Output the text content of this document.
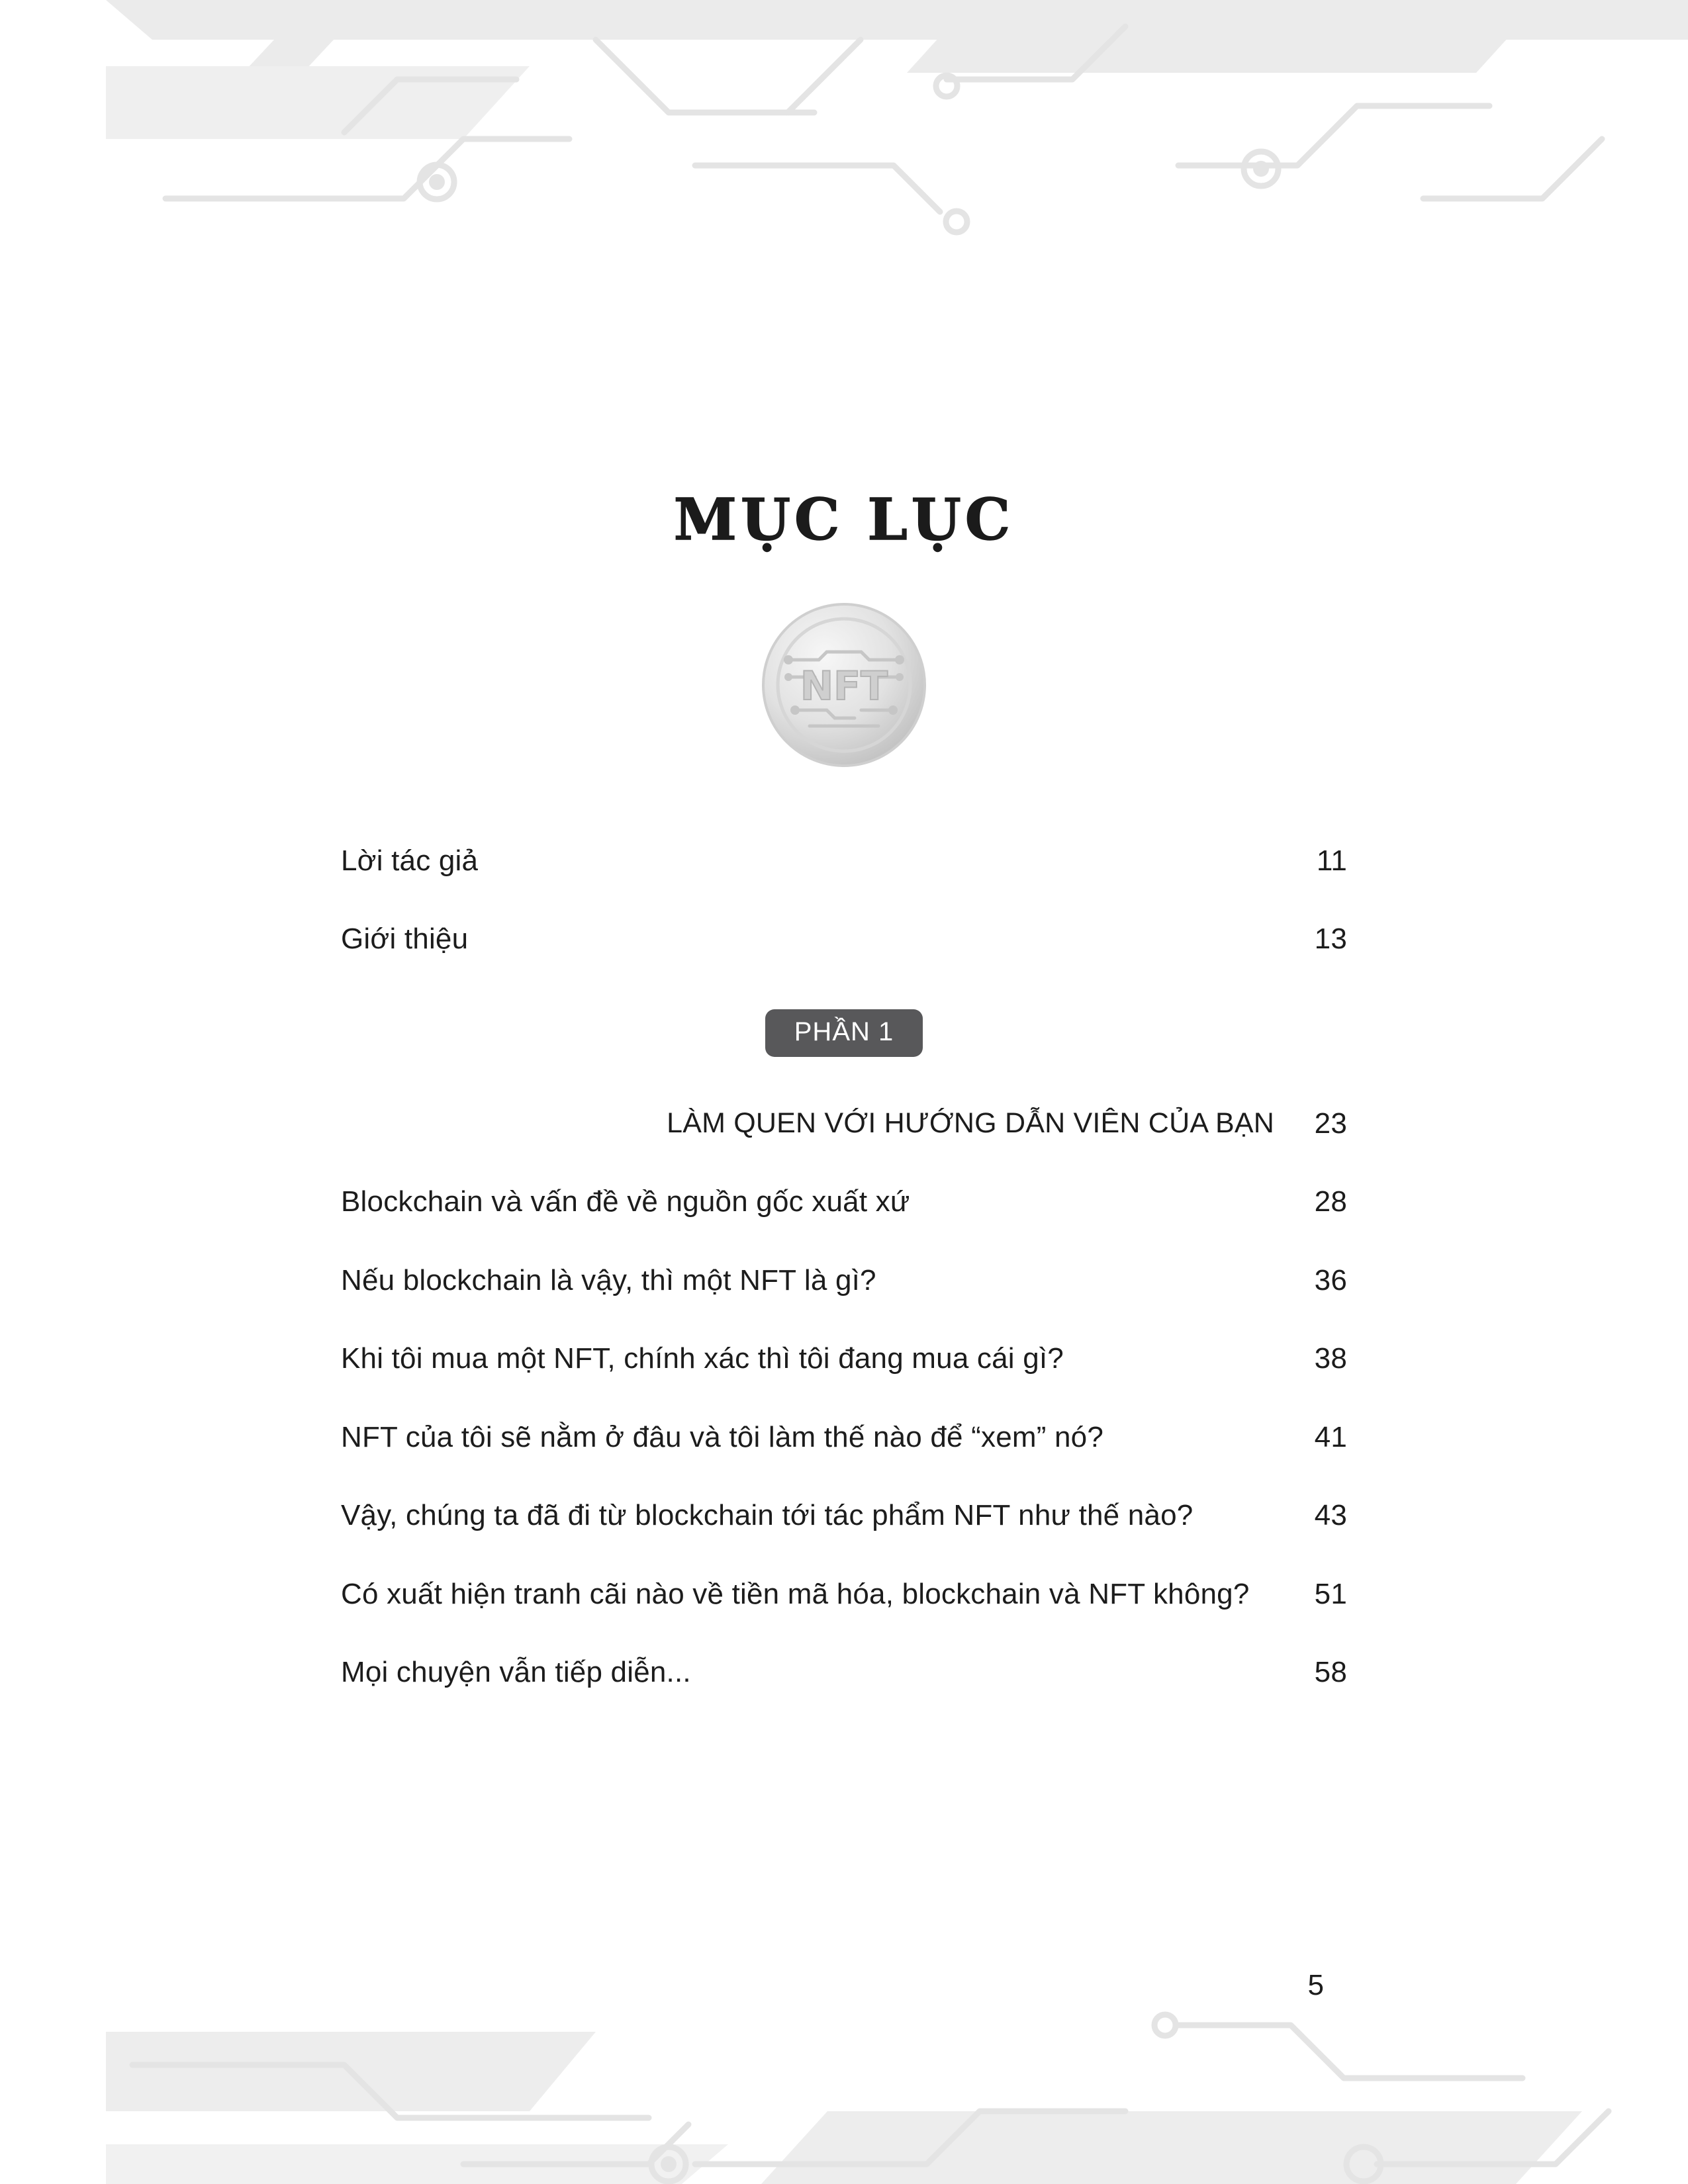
MỤC LỤC
NFT
Lời tác giả	11
Giới thiệu	13
PHẦN 1
LÀM QUEN VỚI HƯỚNG DẪN VIÊN CỦA BẠN	23
Blockchain và vấn đề về nguồn gốc xuất xứ	28
Nếu blockchain là vậy, thì một NFT là gì?	36
Khi tôi mua một NFT, chính xác thì tôi đang mua cái gì?	38
NFT của tôi sẽ nằm ở đâu và tôi làm thế nào để “xem” nó?	41
Vậy, chúng ta đã đi từ blockchain tới tác phẩm NFT như thế nào?	43
Có xuất hiện tranh cãi nào về tiền mã hóa, blockchain và NFT không?	51
Mọi chuyện vẫn tiếp diễn...	58
5
